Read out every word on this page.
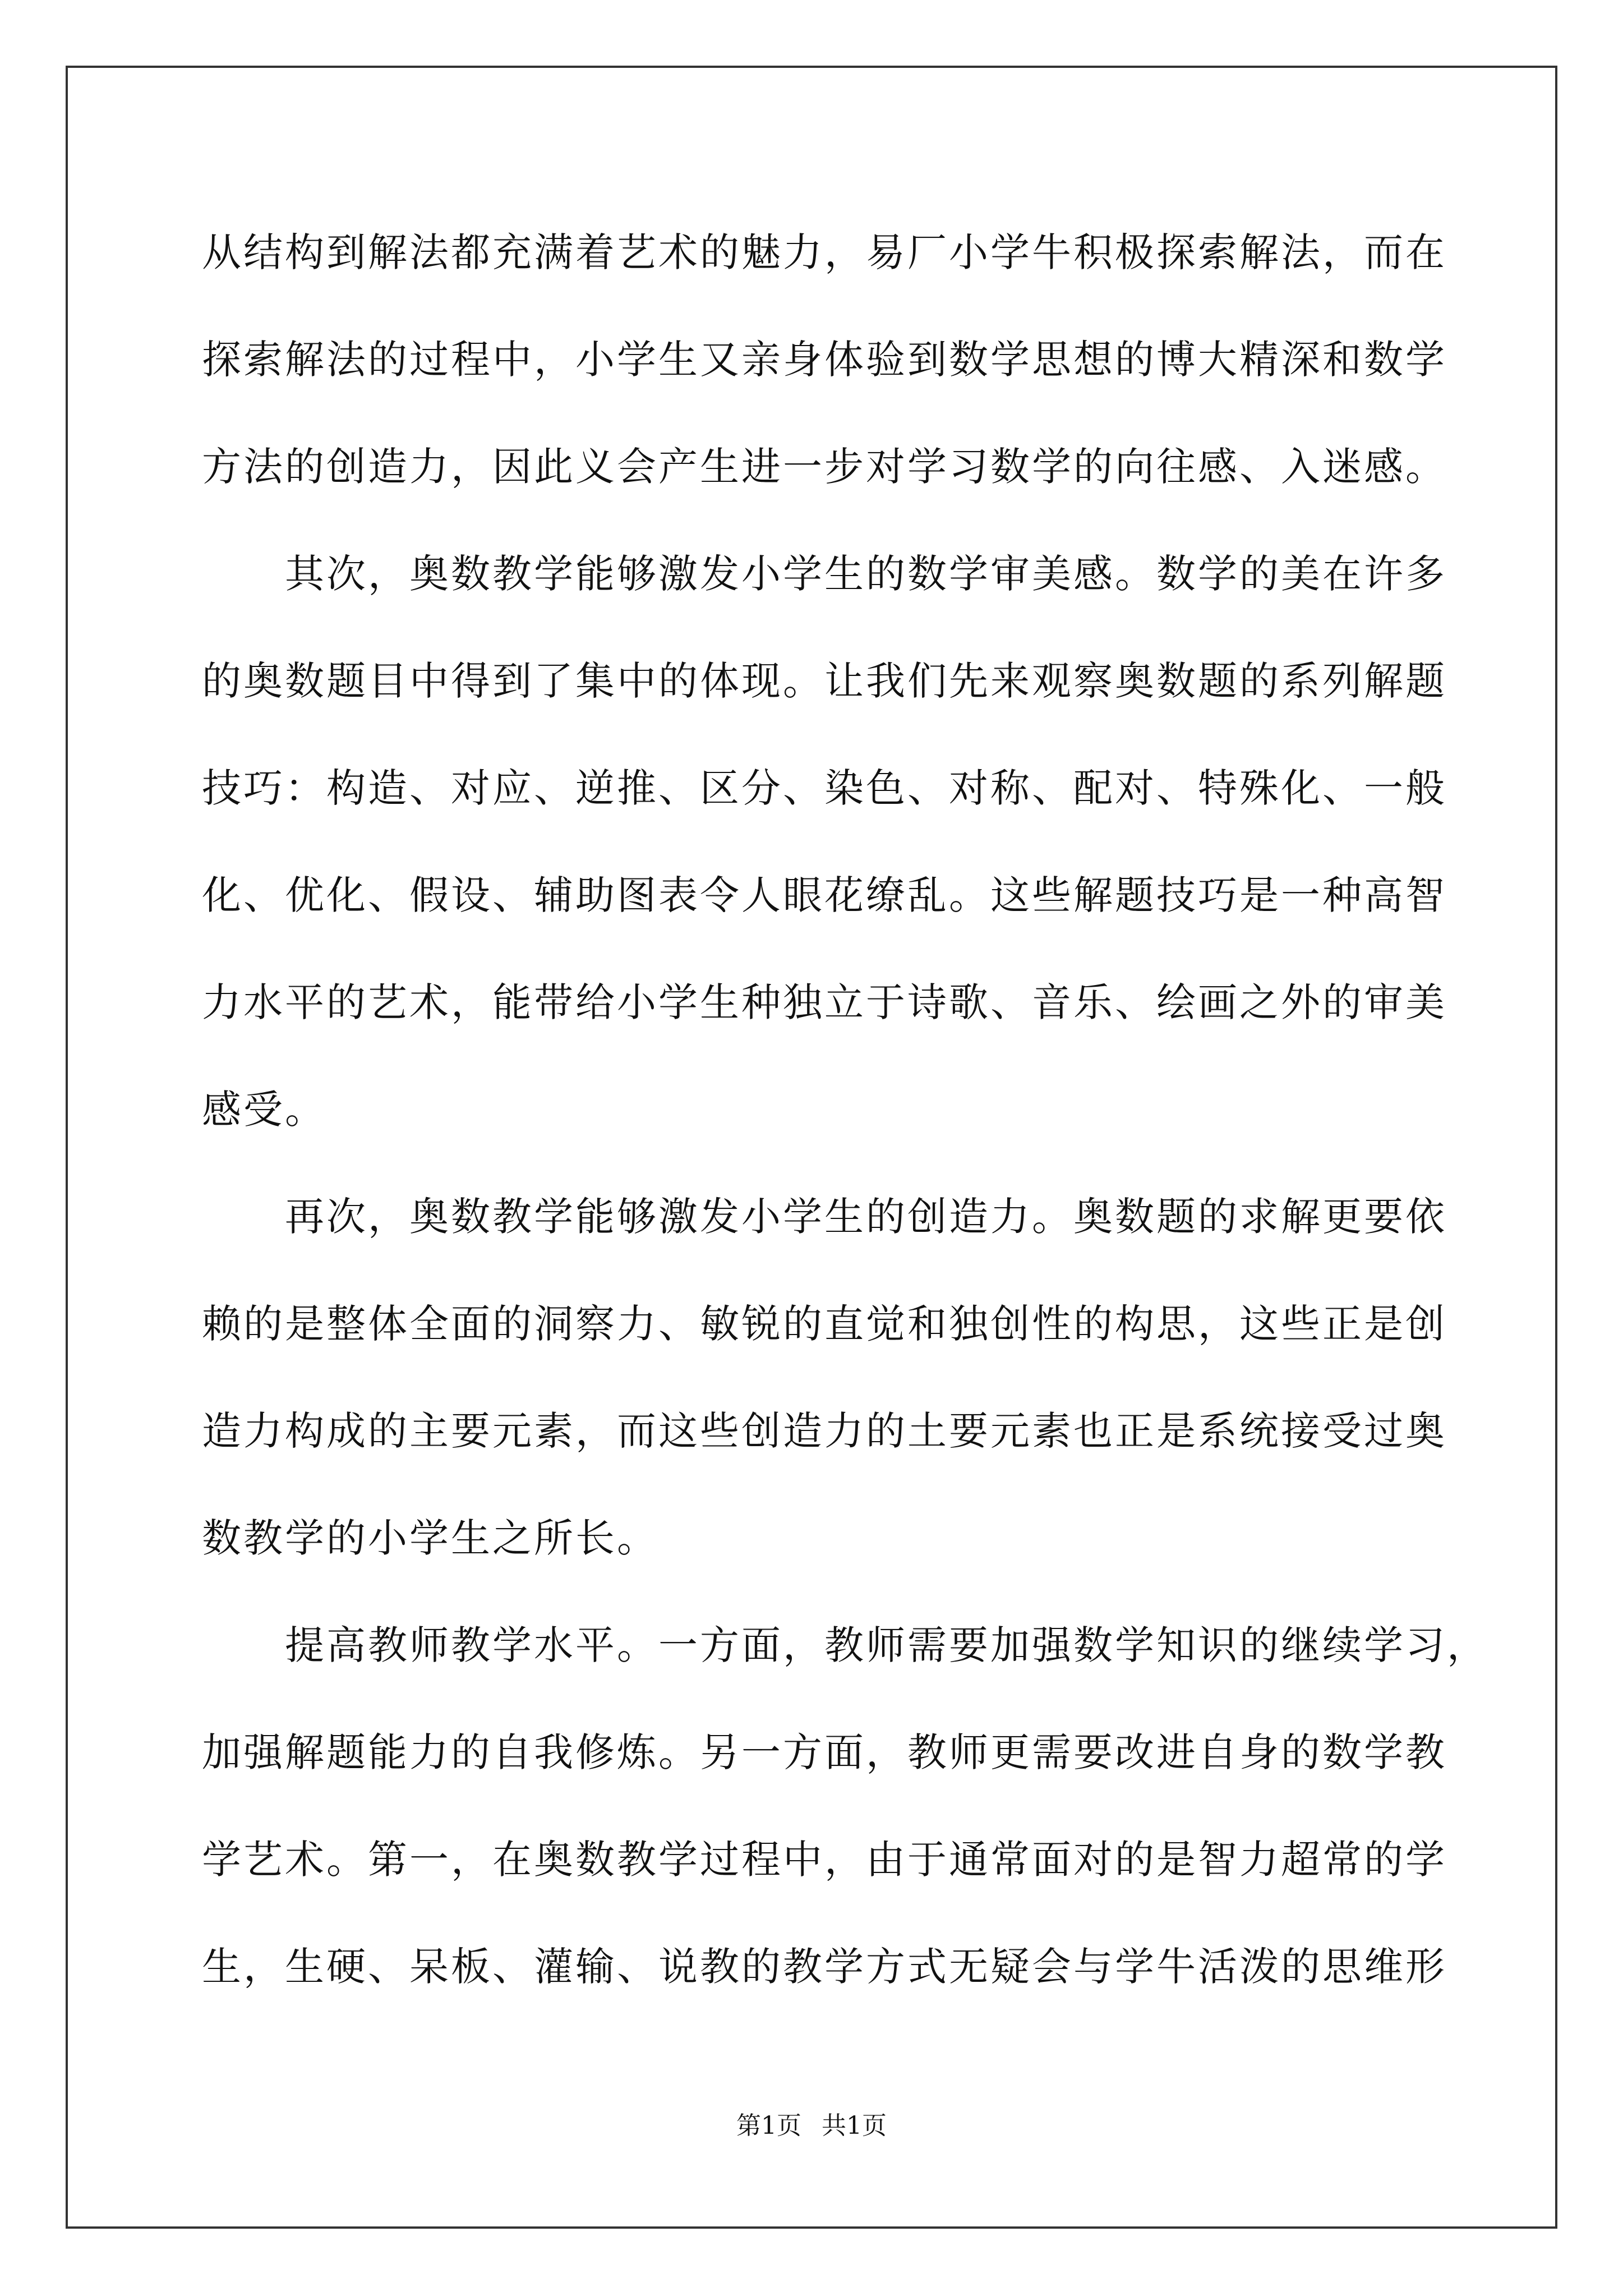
从结构到解法都充满着艺术的魅力，易厂小学牛积极探索解法，而在
探索解法的过程中，小学生又亲身体验到数学思想的博大精深和数学
方法的创造力，因此义会产生进一步对学习数学的向往感、入迷感。
　　其次，奥数教学能够激发小学生的数学审美感。数学的美在许多
的奥数题目中得到了集中的体现。让我们先来观察奥数题的系列解题
技巧：构造、对应、逆推、区分、染色、对称、配对、特殊化、一般
化、优化、假设、辅助图表令人眼花缭乱。这些解题技巧是一种高智
力水平的艺术，能带给小学生种独立于诗歌、音乐、绘画之外的审美
感受。
　　再次，奥数教学能够激发小学生的创造力。奥数题的求解更要依
赖的是整体全面的洞察力、敏锐的直觉和独创性的构思，这些正是创
造力构成的主要元素，而这些创造力的土要元素也正是系统接受过奥
数教学的小学生之所长。
　　提高教师教学水平。一方面，教师需要加强数学知识的继续学习，
加强解题能力的自我修炼。另一方面，教师更需要改进自身的数学教
学艺术。第一，在奥数教学过程中，由于通常面对的是智力超常的学
生，生硬、呆板、灌输、说教的教学方式无疑会与学牛活泼的思维形
第1页 共1页
